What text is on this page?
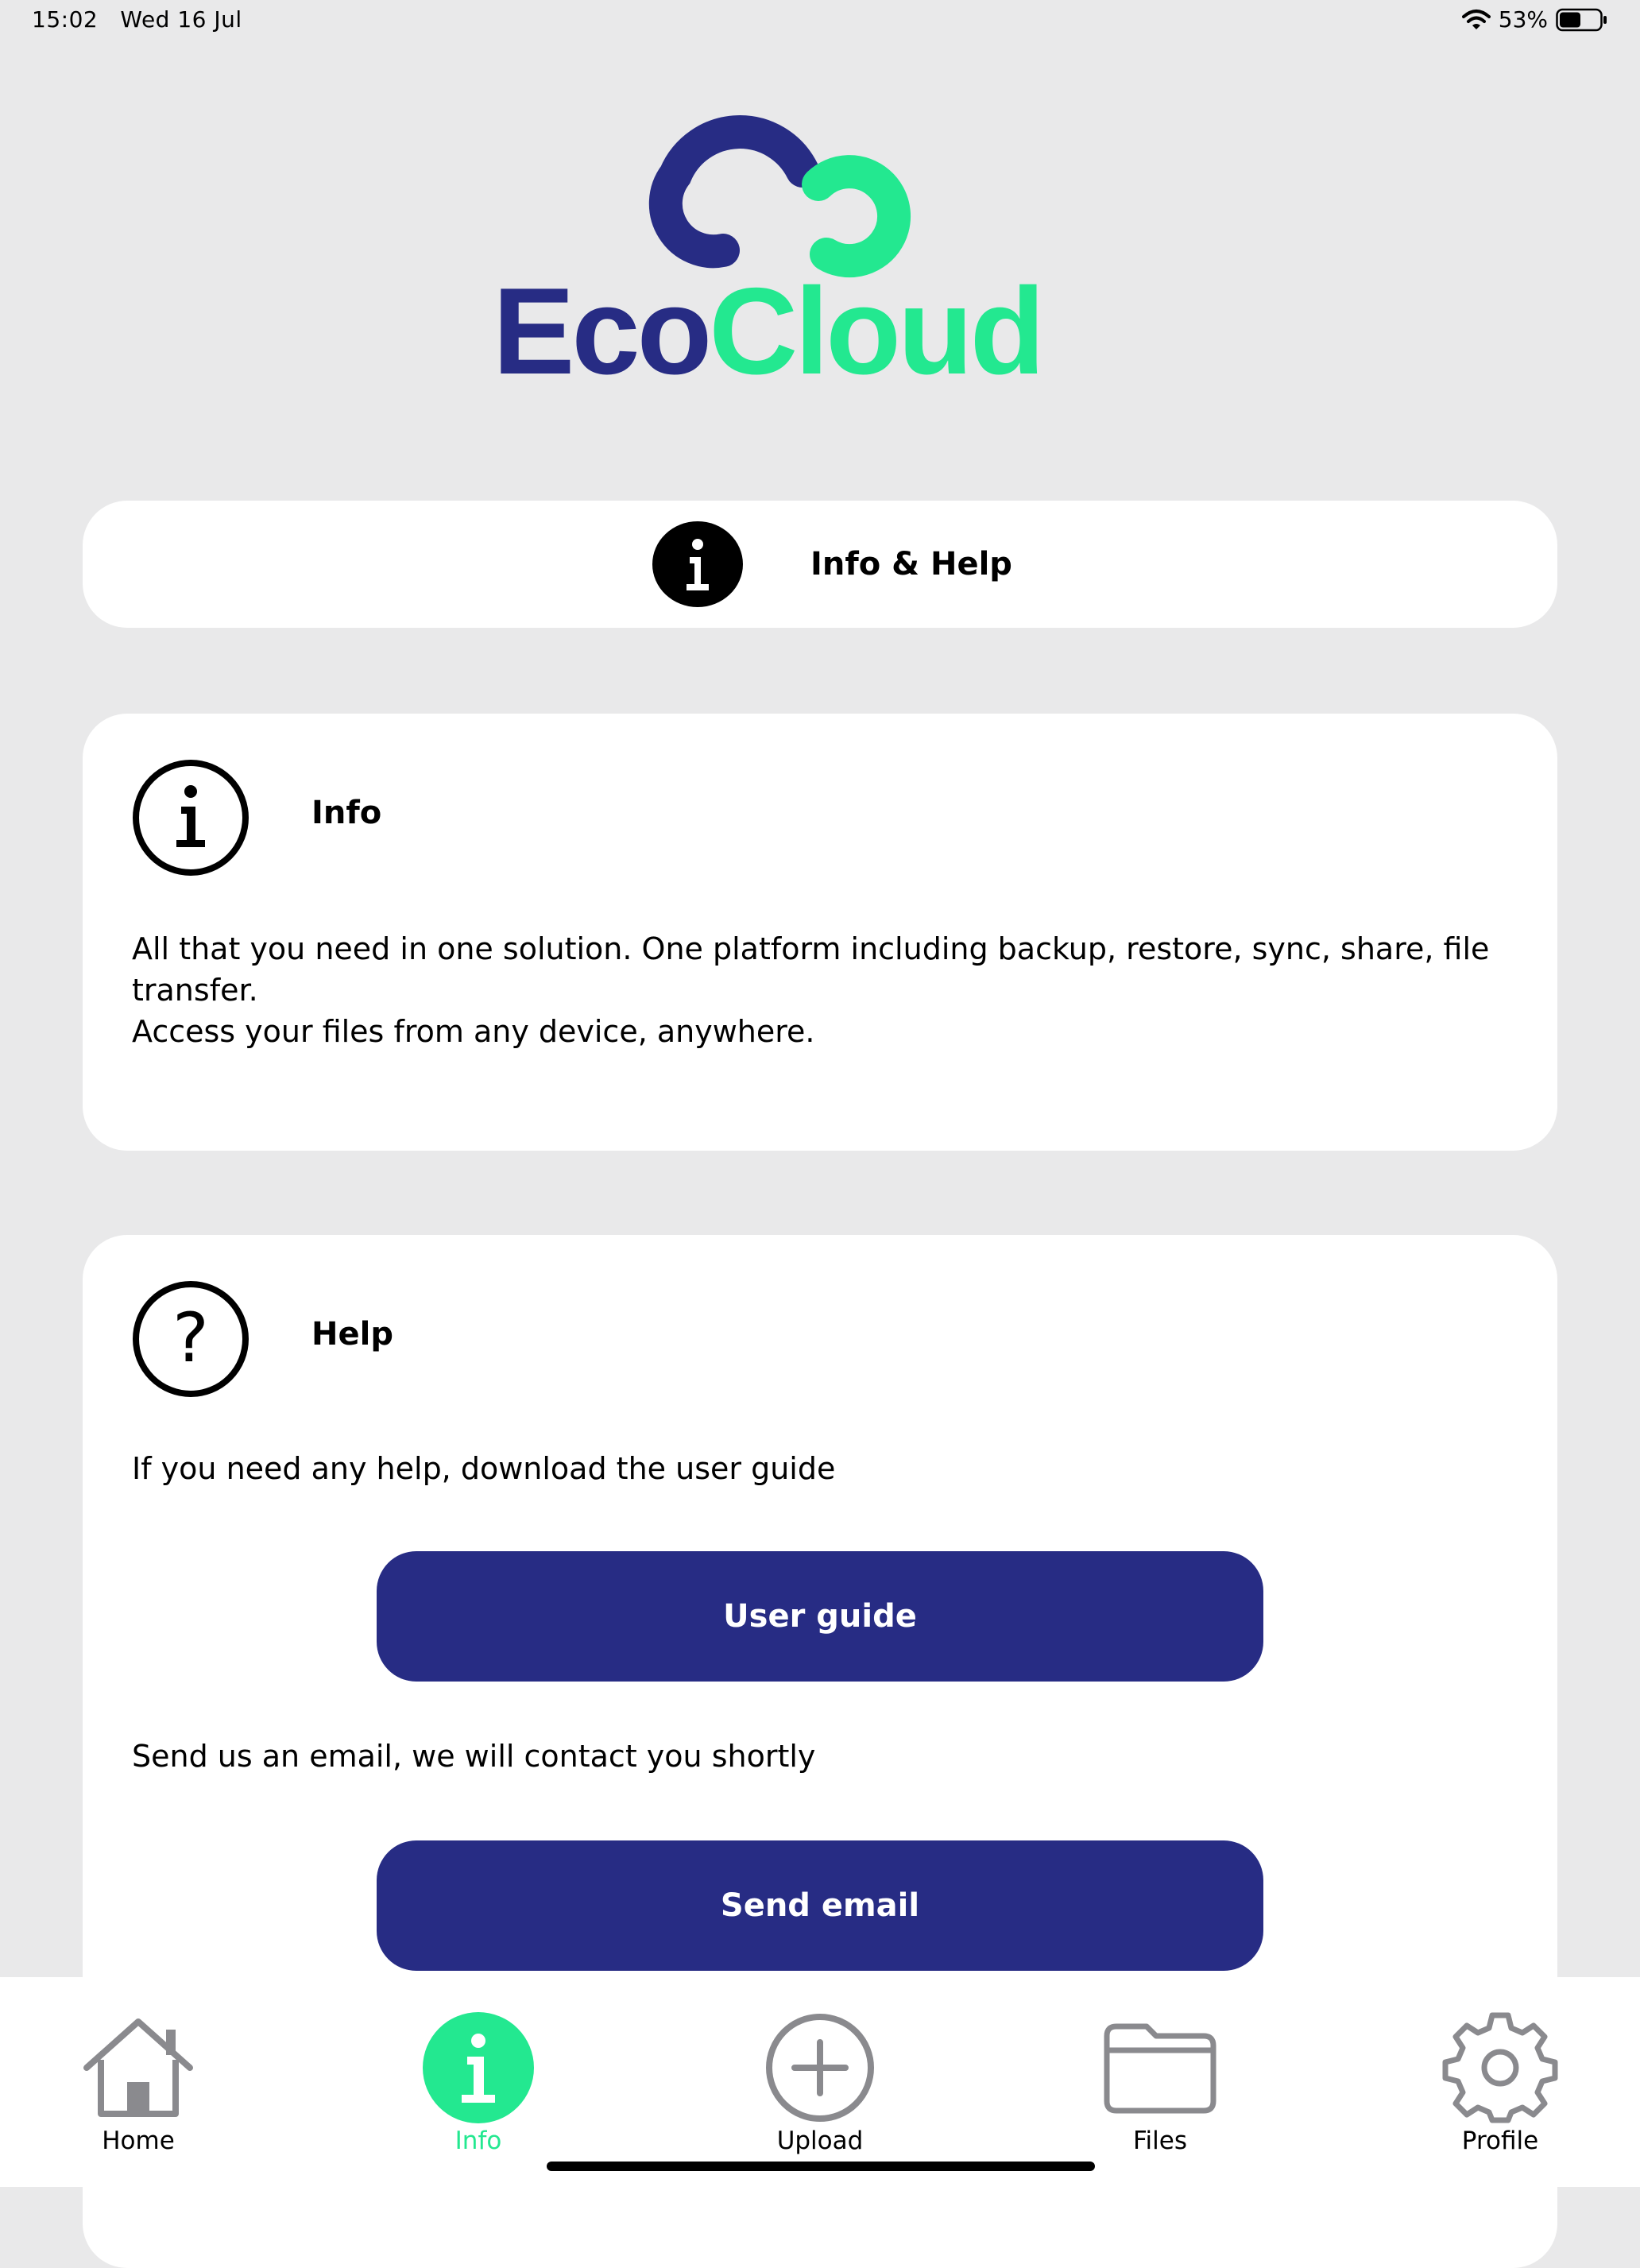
15:02 Wed 16 Jul	53%
EcoCloud
Info & Help
Info
All that you need in one solution. One platform including backup, restore, sync, share, file transfer.
Access your files from any device, anywhere.
?	Help
If you need any help, download the user guide
User guide
Send us an email, we will contact you shortly
Send email
Home	Info	Upload	Files	Profile
